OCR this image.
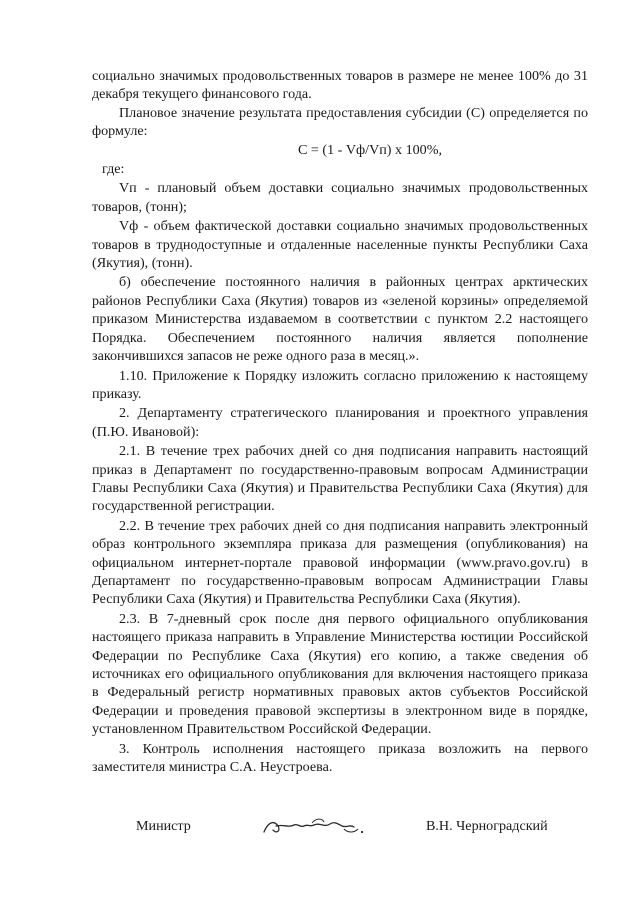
социально значимых продовольственных товаров в размере не менее 100% до 31 декабря текущего финансового года.

Плановое значение результата предоставления субсидии (С) определяется по формуле:

С = (1 - Vф/Vп) х 100%,

где:

Vп - плановый объем доставки социально значимых продовольственных товаров, (тонн);

Vф - объем фактической доставки социально значимых продовольственных товаров в труднодоступные и отдаленные населенные пункты Республики Саха (Якутия), (тонн).

б) обеспечение постоянного наличия в районных центрах арктических районов Республики Саха (Якутия) товаров из «зеленой корзины» определяемой приказом Министерства издаваемом в соответствии с пунктом 2.2 настоящего Порядка. Обеспечением постоянного наличия является пополнение закончившихся запасов не реже одного раза в месяц.».

1.10. Приложение к Порядку изложить согласно приложению к настоящему приказу.

2. Департаменту стратегического планирования и проектного управления (П.Ю. Ивановой):

2.1. В течение трех рабочих дней со дня подписания направить настоящий приказ в Департамент по государственно-правовым вопросам Администрации Главы Республики Саха (Якутия) и Правительства Республики Саха (Якутия) для государственной регистрации.

2.2. В течение трех рабочих дней со дня подписания направить электронный образ контрольного экземпляра приказа для размещения (опубликования) на официальном интернет-портале правовой информации (www.pravo.gov.ru) в Департамент по государственно-правовым вопросам Администрации Главы Республики Саха (Якутия) и Правительства Республики Саха (Якутия).

2.3. В 7-дневный срок после дня первого официального опубликования настоящего приказа направить в Управление Министерства юстиции Российской Федерации по Республике Саха (Якутия) его копию, а также сведения об источниках его официального опубликования для включения настоящего приказа в Федеральный регистр нормативных правовых актов субъектов Российской Федерации и проведения правовой экспертизы в электронном виде в порядке, установленном Правительством Российской Федерации.

3. Контроль исполнения настоящего приказа возложить на первого заместителя министра С.А. Неустроева.

Министр	В.Н. Черноградский
